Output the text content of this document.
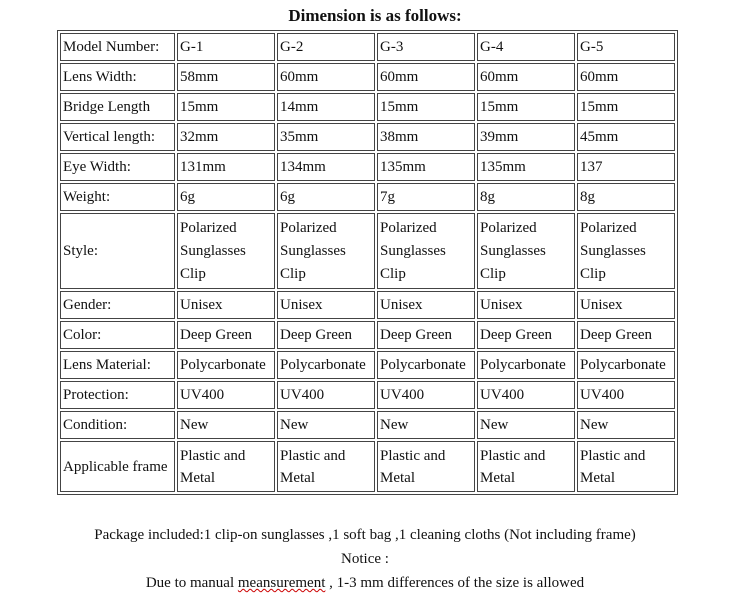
Dimension is as follows:
Model Number:	G-1	G-2	G-3	G-4	G-5
Lens Width:	58mm	60mm	60mm	60mm	60mm
Bridge Length	15mm	14mm	15mm	15mm	15mm
Vertical length:	32mm	35mm	38mm	39mm	45mm
Eye Width:	131mm	134mm	135mm	135mm	137
Weight:	6g	6g	7g	8g	8g
Style:	Polarized Sunglasses Clip	Polarized Sunglasses Clip	Polarized Sunglasses Clip	Polarized Sunglasses Clip	Polarized Sunglasses Clip
Gender:	Unisex	Unisex	Unisex	Unisex	Unisex
Color:	Deep Green	Deep Green	Deep Green	Deep Green	Deep Green
Lens Material:	Polycarbonate	Polycarbonate	Polycarbonate	Polycarbonate	Polycarbonate
Protection:	UV400	UV400	UV400	UV400	UV400
Condition:	New	New	New	New	New
Applicable frame	Plastic and Metal	Plastic and Metal	Plastic and Metal	Plastic and Metal	Plastic and Metal
Package included:1 clip-on sunglasses ,1 soft bag ,1 cleaning cloths (Not including frame)
Notice :
Due to manual meansurement , 1-3 mm differences of the size is allowed
